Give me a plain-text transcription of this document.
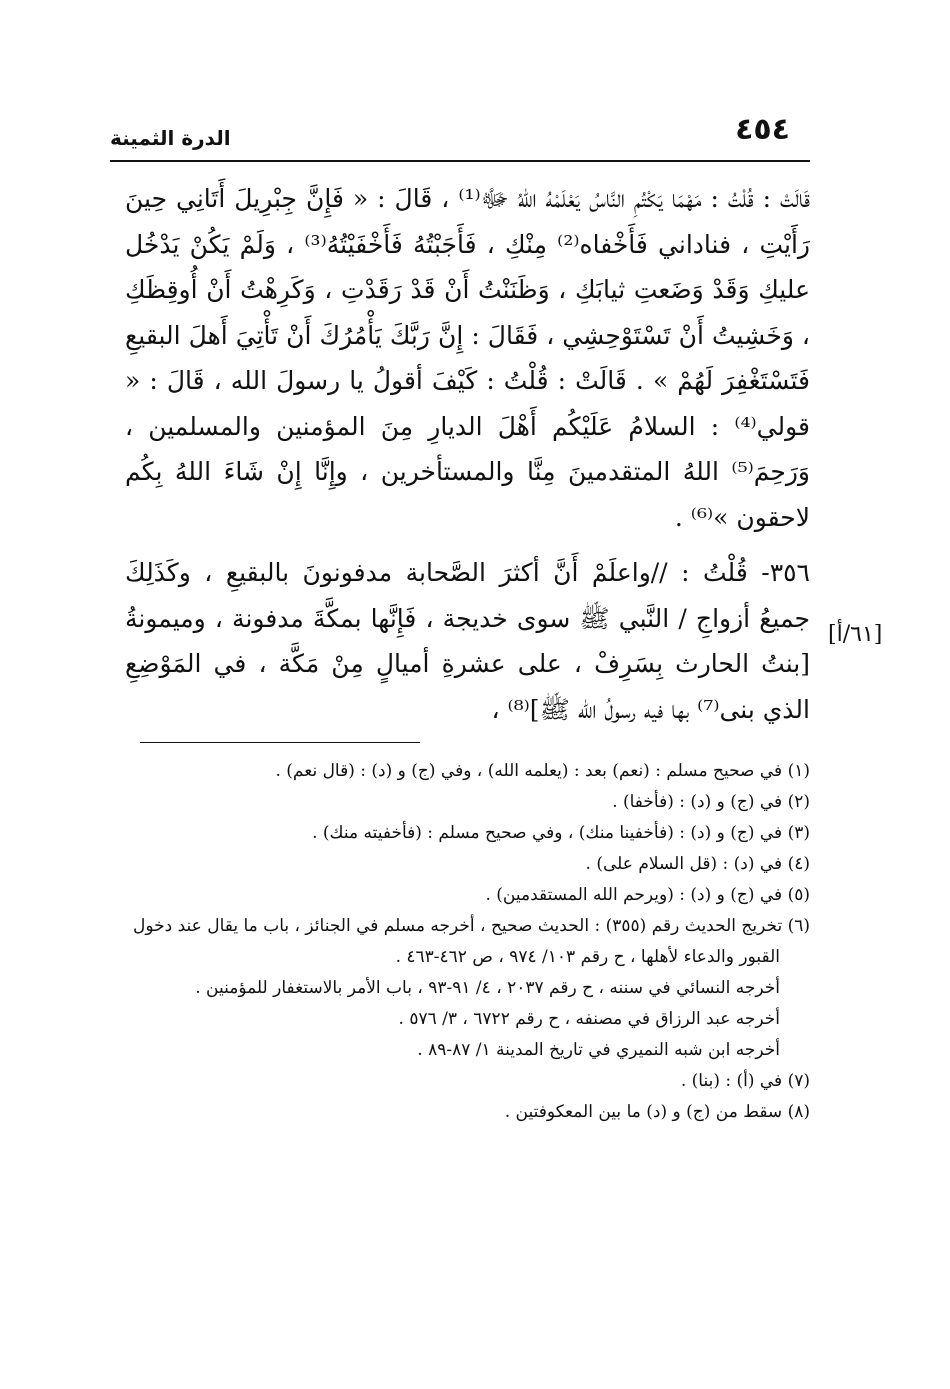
الدرة الثمينة	٤٥٤

قَالَتْ : قُلْتُ : مَهْمَا يَكْتُمِ النَّاسُ يَعْلَمْهُ اللهُ ﷻ⁽¹⁾ ، قَالَ : « فَإِنَّ جِبْرِيلَ أَتَانِي حِينَ رَأَيْتِ ، فناداني فَأَخْفاه⁽²⁾ مِنْكِ ، فَأَجَبْتُهُ فَأَخْفَيْتُهُ⁽³⁾ ، وَلَمْ يَكُنْ يَدْخُل عليكِ وَقَدْ وَضَعتِ ثيابَكِ ، وَظَنَنْتُ أَنْ قَدْ رَقَدْتِ ، وَكَرِهْتُ أَنْ أُوقِظَكِ ، وَخَشِيتُ أَنْ تَسْتَوْحِشِي ، فَقَالَ : إِنَّ رَبَّكَ يَأْمُرُكَ أَنْ تَأْتِيَ أَهلَ البقيعِ فَتَسْتَغْفِرَ لَهُمْ » . قَالَتْ : قُلْتُ : كَيْفَ أقولُ يا رسولَ الله ، قَالَ : « قولي⁽⁴⁾ : السلامُ عَلَيْكُم أَهْلَ الديارِ مِنَ المؤمنين والمسلمين ، وَرَحِمَ⁽⁵⁾ اللهُ المتقدمينَ مِنَّا والمستأخرين ، وإِنَّا إِنْ شَاءَ اللهُ بِكُم لاحقون »⁽⁶⁾ .

٣٥٦- قُلْتُ : //واعلَمْ أَنَّ أكثرَ الصَّحابة مدفونونَ بالبقيعِ ، وكَذَلِكَ جميعُ أزواجِ / النَّبي ﷺ سوى خديجة ، فَإِنَّها بمكَّةَ مدفونة ، وميمونةُ [بنتُ الحارث بِسَرِفْ ، على عشرةِ أميالٍ مِنْ مَكَّة ، في المَوْضِعِ الذي بنى⁽⁷⁾ بها فيه رسولُ الله ﷺ]⁽⁸⁾ ،

[٦١/أ]
(١) في صحيح مسلم : (نعم) بعد : (يعلمه الله) ، وفي (ج) و (د) : (قال نعم) .
(٢) في (ج) و (د) : (فأخفا) .
(٣) في (ج) و (د) : (فأخفينا منك) ، وفي صحيح مسلم : (فأخفيته منك) .
(٤) في (د) : (قل السلام على) .
(٥) في (ج) و (د) : (ويرحم الله المستقدمين) .
(٦) تخريج الحديث رقم (٣٥٥) : الحديث صحيح ، أخرجه مسلم في الجنائز ، باب ما يقال عند دخول
القبور والدعاء لأهلها ، ح رقم ١٠٣/ ٩٧٤ ، ص ٤٦٢-٤٦٣ .
أخرجه النسائي في سننه ، ح رقم ٢٠٣٧ ، ٤/ ٩١-٩٣ ، باب الأمر بالاستغفار للمؤمنين .
أخرجه عبد الرزاق في مصنفه ، ح رقم ٦٧٢٢ ، ٣/ ٥٧٦ .
أخرجه ابن شبه النميري في تاريخ المدينة ١/ ٨٧-٨٩ .
(٧) في (أ) : (بنا) .
(٨) سقط من (ج) و (د) ما بين المعكوفتين .
